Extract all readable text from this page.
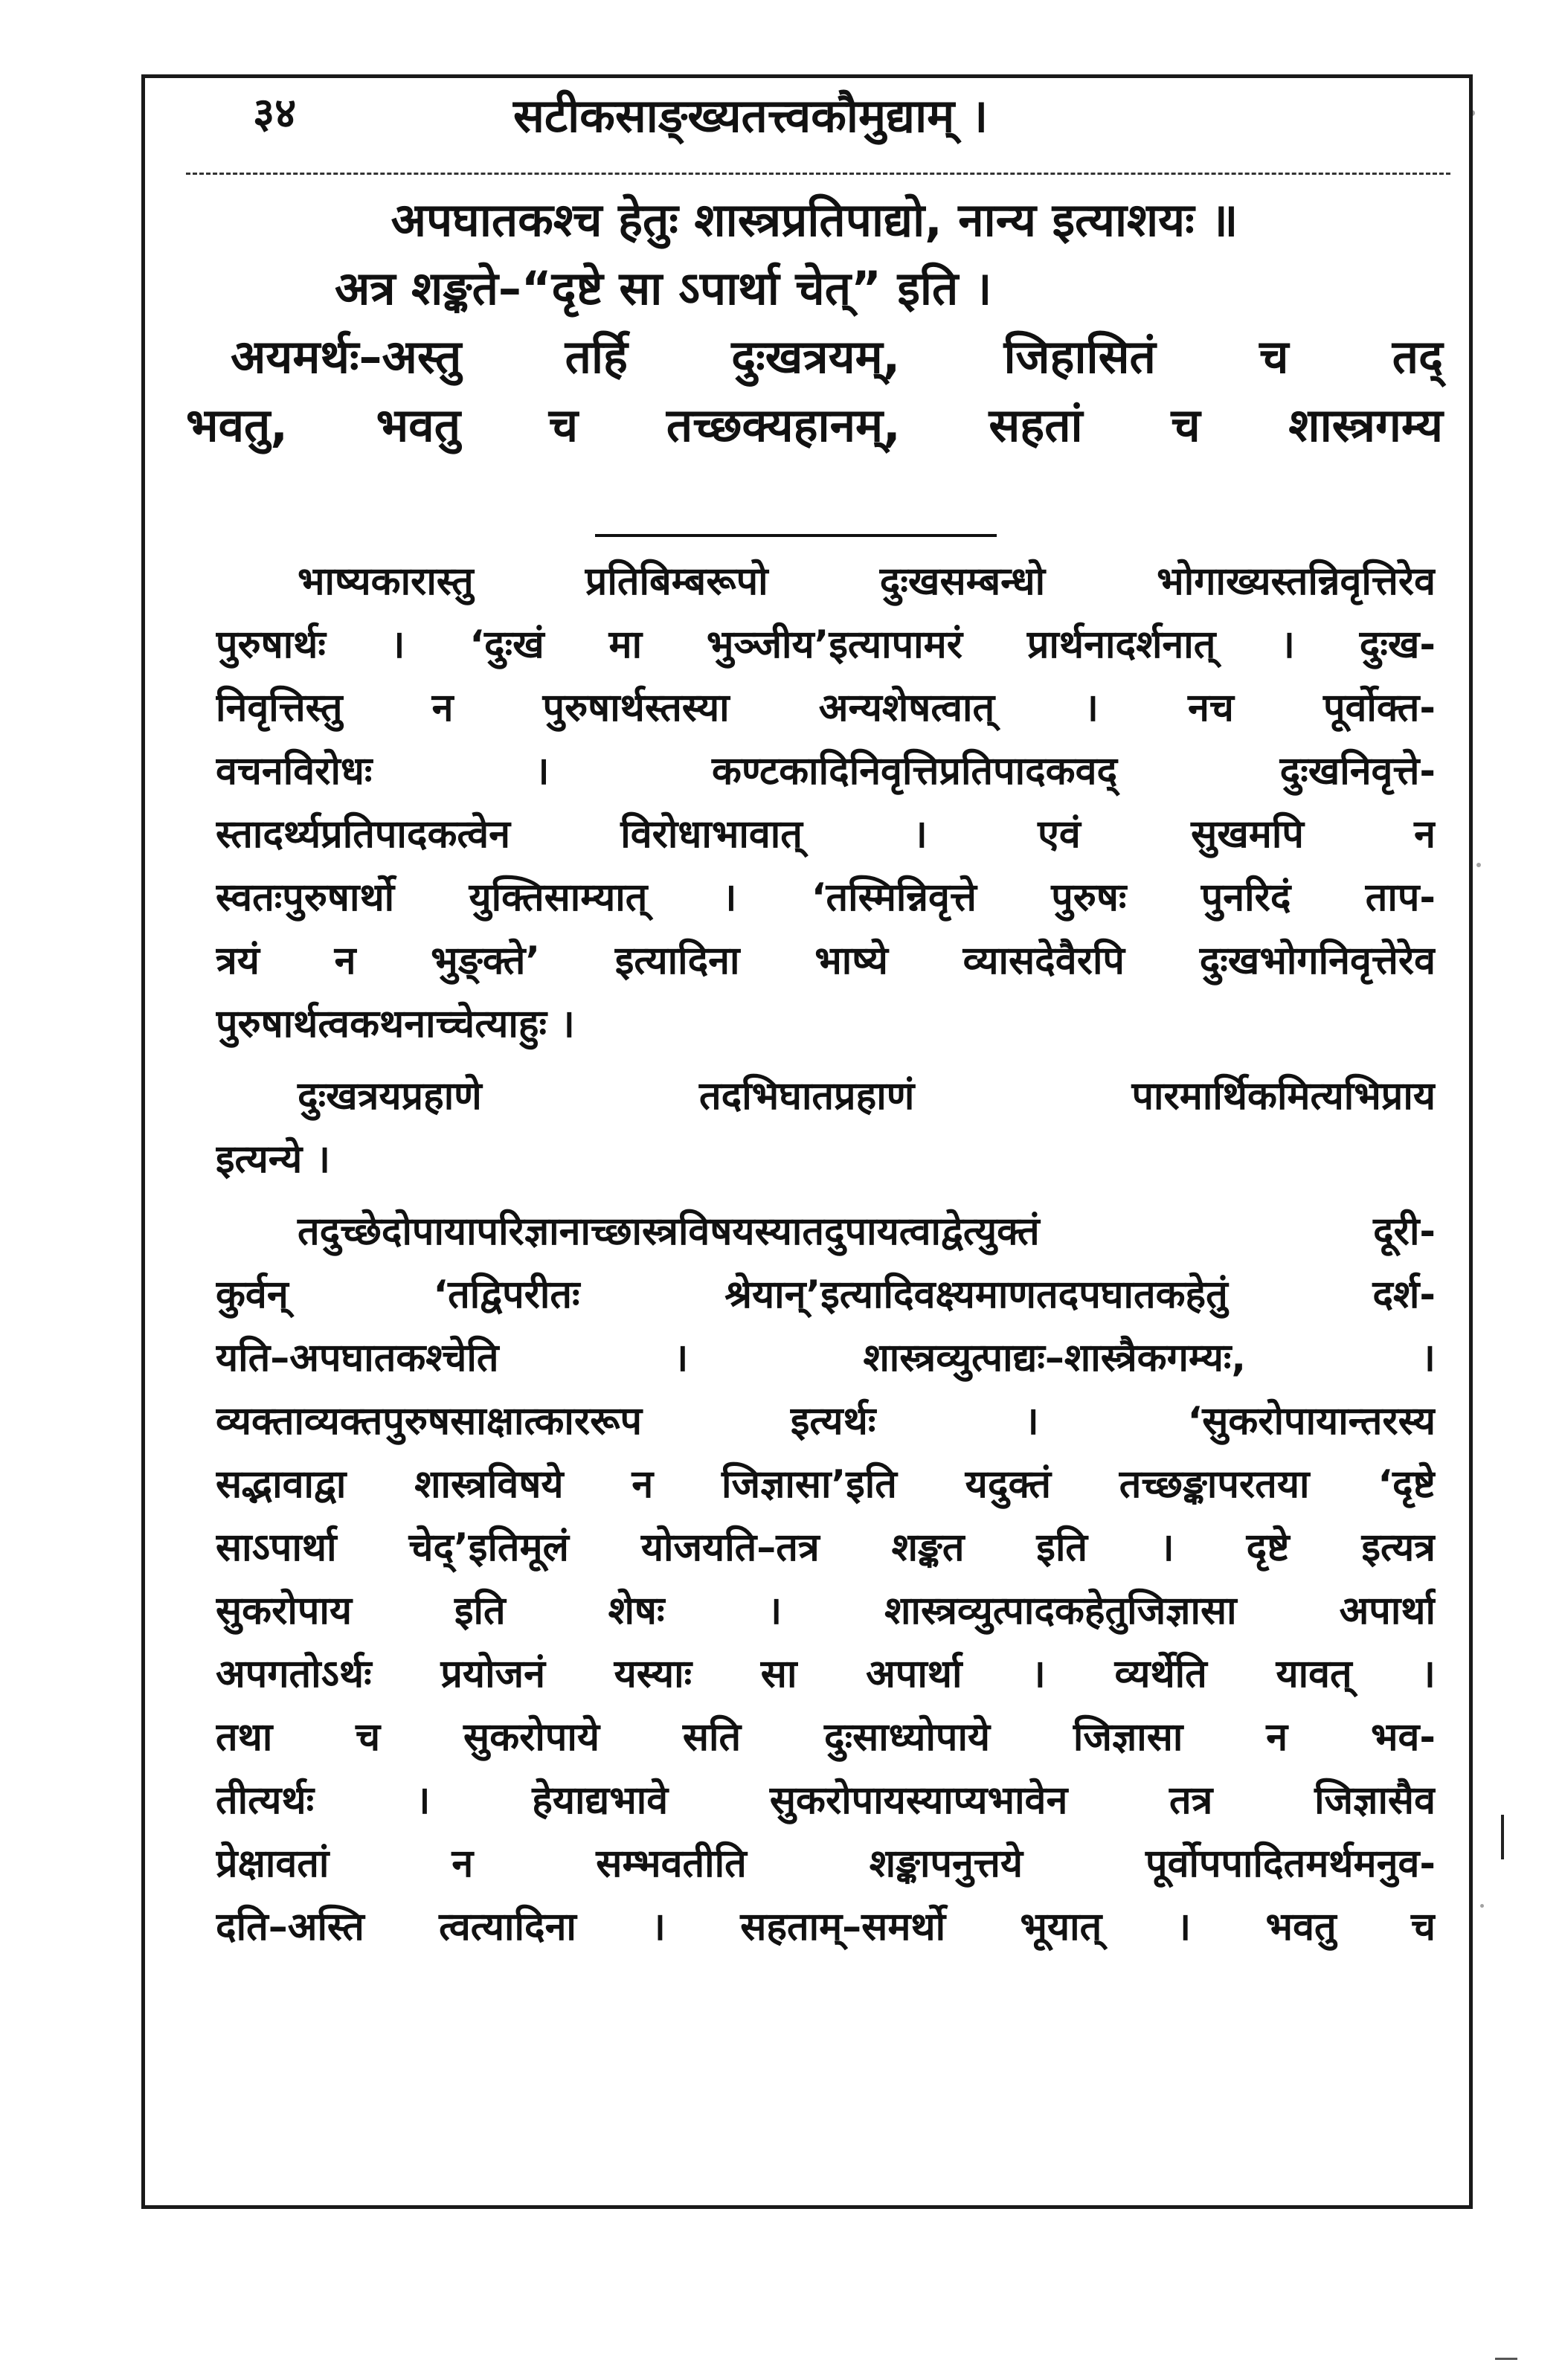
३४	सटीकसाङ्ख्यतत्त्वकौमुद्याम् ।
अपघातकश्च हेतुः शास्त्रप्रतिपाद्यो, नान्य इत्याशयः ॥
अत्र शङ्कते–“दृष्टे सा ऽपार्था चेत्” इति ।
अयमर्थः–अस्तु तर्हि दुःखत्रयम्, जिहासितं च तद्
भवतु, भवतु च तच्छक्यहानम्, सहतां च शास्त्रगम्य
भाष्यकारास्तु प्रतिबिम्बरूपो दुःखसम्बन्धो भोगाख्यस्तन्निवृत्तिरेव
पुरुषार्थः । ‘दुःखं मा भुञ्जीय’इत्यापामरं प्रार्थनादर्शनात् । दुःख-
निवृत्तिस्तु न पुरुषार्थस्तस्या अन्यशेषत्वात् । नच पूर्वोक्त-
वचनविरोधः । कण्टकादिनिवृत्तिप्रतिपादकवद् दुःखनिवृत्ते-
स्तादर्थ्यप्रतिपादकत्वेन विरोधाभावात् । एवं सुखमपि न
स्वतःपुरुषार्थो युक्तिसाम्यात् । ‘तस्मिन्निवृत्ते पुरुषः पुनरिदं ताप-
त्रयं न भुङ्क्ते’ इत्यादिना भाष्ये व्यासदेवैरपि दुःखभोगनिवृत्तेरेव
पुरुषार्थत्वकथनाच्चेत्याहुः ।
दुःखत्रयप्रहाणे तदभिघातप्रहाणं पारमार्थिकमित्यभिप्राय
इत्यन्ये ।
तदुच्छेदोपायापरिज्ञानाच्छास्त्रविषयस्यातदुपायत्वाद्वेत्युक्तं दूरी-
कुर्वन् ‘तद्विपरीतः श्रेयान्’इत्यादिवक्ष्यमाणतदपघातकहेतुं दर्श-
यति–अपघातकश्चेति । शास्त्रव्युत्पाद्यः–शास्त्रैकगम्यः, ।
व्यक्ताव्यक्तपुरुषसाक्षात्काररूप इत्यर्थः । ‘सुकरोपायान्तरस्य
सद्भावाद्वा शास्त्रविषये न जिज्ञासा’इति यदुक्तं तच्छङ्कापरतया ‘दृष्टे
साऽपार्था चेद्’इतिमूलं योजयति–तत्र शङ्कत इति । दृष्टे इत्यत्र
सुकरोपाय इति शेषः । शास्त्रव्युत्पादकहेतुजिज्ञासा अपार्था
अपगतोऽर्थः प्रयोजनं यस्याः सा अपार्था । व्यर्थेति यावत् ।
तथा च सुकरोपाये सति दुःसाध्योपाये जिज्ञासा न भव-
तीत्यर्थः । हेयाद्यभावे सुकरोपायस्याप्यभावेन तत्र जिज्ञासैव
प्रेक्षावतां न सम्भवतीति शङ्कापनुत्तये पूर्वोपपादितमर्थमनुव-
दति–अस्ति त्वत्यादिना । सहताम्–समर्थो भूयात् । भवतु च
